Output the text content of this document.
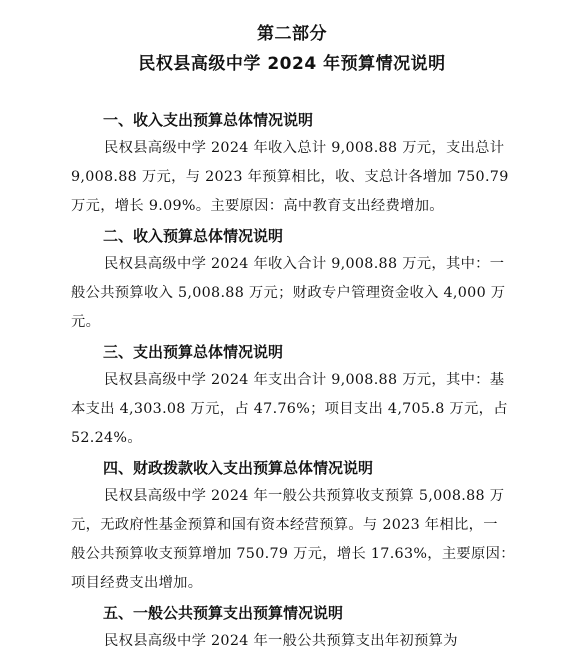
第二部分
民权县高级中学 2024 年预算情况说明
一、收入支出预算总体情况说明
民权县高级中学 2024 年收入总计 9,008.88 万元，支出总计
9,008.88 万元，与 2023 年预算相比，收、支总计各增加 750.79
万元，增长 9.09%。主要原因：高中教育支出经费增加。
二、收入预算总体情况说明
民权县高级中学 2024 年收入合计 9,008.88 万元，其中：一
般公共预算收入 5,008.88 万元；财政专户管理资金收入 4,000 万
元。
三、支出预算总体情况说明
民权县高级中学 2024 年支出合计 9,008.88 万元，其中：基
本支出 4,303.08 万元，占 47.76%；项目支出 4,705.8 万元，占
52.24%。
四、财政拨款收入支出预算总体情况说明
民权县高级中学 2024 年一般公共预算收支预算 5,008.88 万
元，无政府性基金预算和国有资本经营预算。与 2023 年相比，一
般公共预算收支预算增加 750.79 万元，增长 17.63%，主要原因：
项目经费支出增加。
五、一般公共预算支出预算情况说明
民权县高级中学 2024 年一般公共预算支出年初预算为
